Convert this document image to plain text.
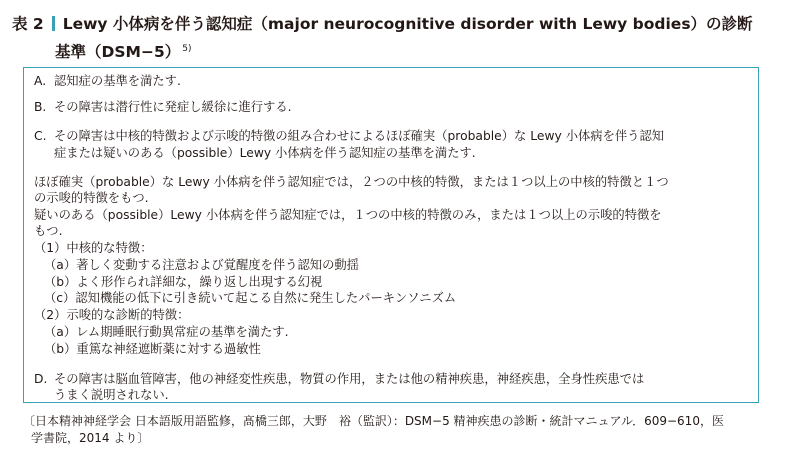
表 2 Lewy 小体病を伴う認知症（major neurocognitive disorder with Lewy bodies）の診断
基準（DSM−5） $^{5)}$
A. 認知症の基準を満たす.
B. その障害は潜行性に発症し緩徐に進行する.
C. その障害は中核的特徴および示唆的特徴の組み合わせによるほぼ確実（probable）な Lewy 小体病を伴う認知
症または疑いのある（possible）Lewy 小体病を伴う認知症の基準を満たす.
ほぼ確実（probable）な Lewy 小体病を伴う認知症では，２つの中核的特徴，または１つ以上の中核的特徴と１つ
の示唆的特徴をもつ.
疑いのある（possible）Lewy 小体病を伴う認知症では，１つの中核的特徴のみ，または１つ以上の示唆的特徴を
もつ.
（1）中核的な特徴：
（a）著しく変動する注意および覚醒度を伴う認知の動揺
（b）よく形作られ詳細な，繰り返し出現する幻視
（c）認知機能の低下に引き続いて起こる自然に発生したパーキンソニズム
（2）示唆的な診断的特徴：
（a）レム期睡眠行動異常症の基準を満たす.
（b）重篤な神経遮断薬に対する過敏性
D. その障害は脳血管障害，他の神経変性疾患，物質の作用，または他の精神疾患，神経疾患，全身性疾患では
うまく説明されない.
〔日本精神神経学会 日本語版用語監修，髙橋三郎，大野　裕（監訳）：DSM−5 精神疾患の診断・統計マニュアル．609−610，医
学書院，2014 より〕
